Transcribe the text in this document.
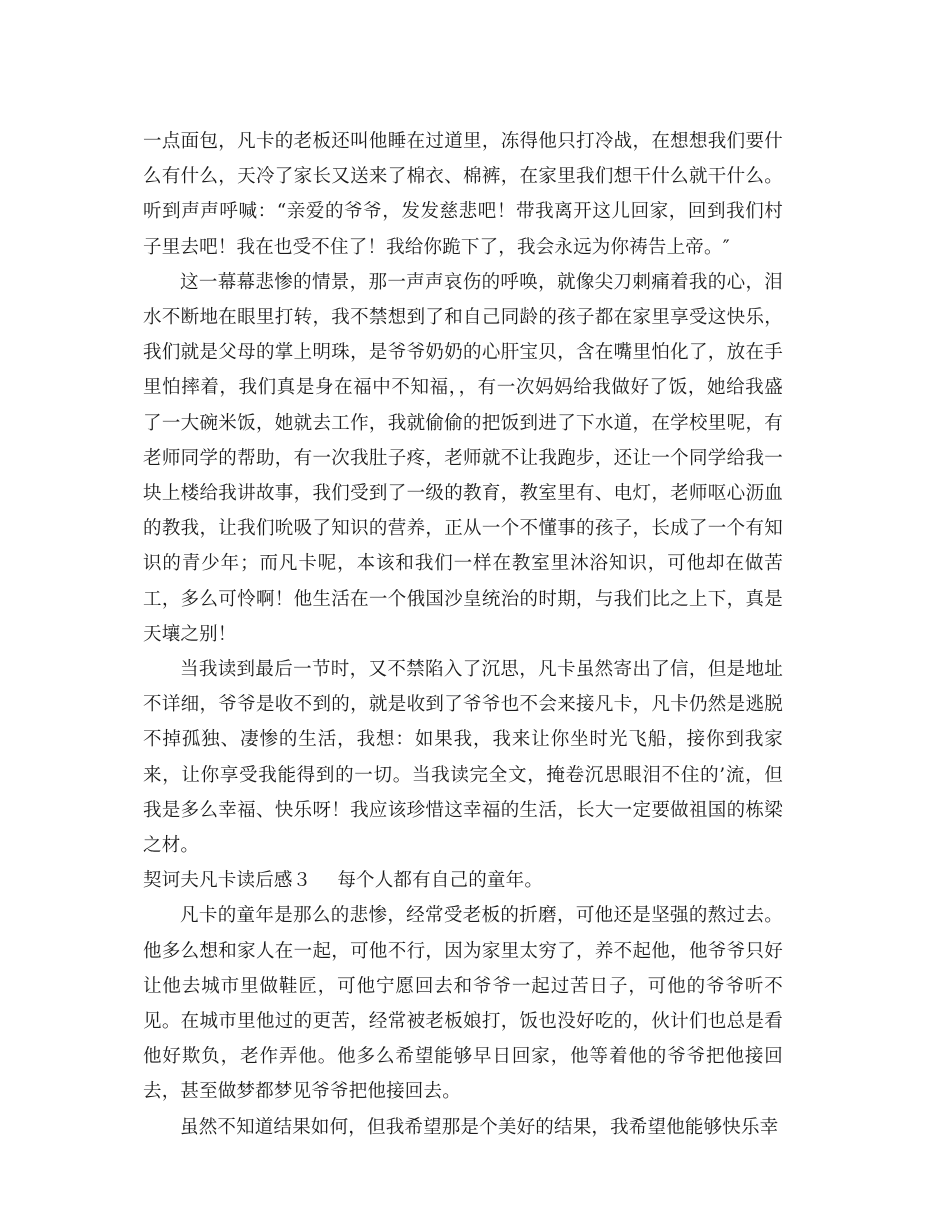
一点面包，凡卡的老板还叫他睡在过道里，冻得他只打冷战，在想想我们要什么有什么，天冷了家长又送来了棉衣、棉裤，在家里我们想干什么就干什么。听到声声呼喊：“亲爱的爷爷，发发慈悲吧！带我离开这儿回家，回到我们村子里去吧！我在也受不住了！我给你跪下了，我会永远为你祷告上帝。″

这一幕幕悲惨的情景，那一声声哀伤的呼唤，就像尖刀刺痛着我的心，泪水不断地在眼里打转，我不禁想到了和自己同龄的孩子都在家里享受这快乐，我们就是父母的掌上明珠，是爷爷奶奶的心肝宝贝，含在嘴里怕化了，放在手里怕摔着，我们真是身在福中不知福，，有一次妈妈给我做好了饭，她给我盛了一大碗米饭，她就去工作，我就偷偷的把饭到进了下水道，在学校里呢，有老师同学的帮助，有一次我肚子疼，老师就不让我跑步，还让一个同学给我一块上楼给我讲故事，我们受到了一级的教育，教室里有、电灯，老师呕心沥血的教我，让我们吮吸了知识的营养，正从一个不懂事的孩子，长成了一个有知识的青少年；而凡卡呢，本该和我们一样在教室里沐浴知识，可他却在做苦工，多么可怜啊！他生活在一个俄国沙皇统治的时期，与我们比之上下，真是天壤之别！

当我读到最后一节时，又不禁陷入了沉思，凡卡虽然寄出了信，但是地址不详细，爷爷是收不到的，就是收到了爷爷也不会来接凡卡，凡卡仍然是逃脱不掉孤独、凄惨的生活，我想：如果我，我来让你坐时光飞船，接你到我家来，让你享受我能得到的一切。当我读完全文，掩卷沉思眼泪不住的’流，但我是多么幸福、快乐呀！我应该珍惜这幸福的生活，长大一定要做祖国的栋梁之材。

契诃夫凡卡读后感３ 每个人都有自己的童年。

凡卡的童年是那么的悲惨，经常受老板的折磨，可他还是坚强的熬过去。他多么想和家人在一起，可他不行，因为家里太穷了，养不起他，他爷爷只好让他去城市里做鞋匠，可他宁愿回去和爷爷一起过苦日子，可他的爷爷听不见。在城市里他过的更苦，经常被老板娘打，饭也没好吃的，伙计们也总是看他好欺负，老作弄他。他多么希望能够早日回家，他等着他的爷爷把他接回去，甚至做梦都梦见爷爷把他接回去。

虽然不知道结果如何，但我希望那是个美好的结果，我希望他能够快乐幸
